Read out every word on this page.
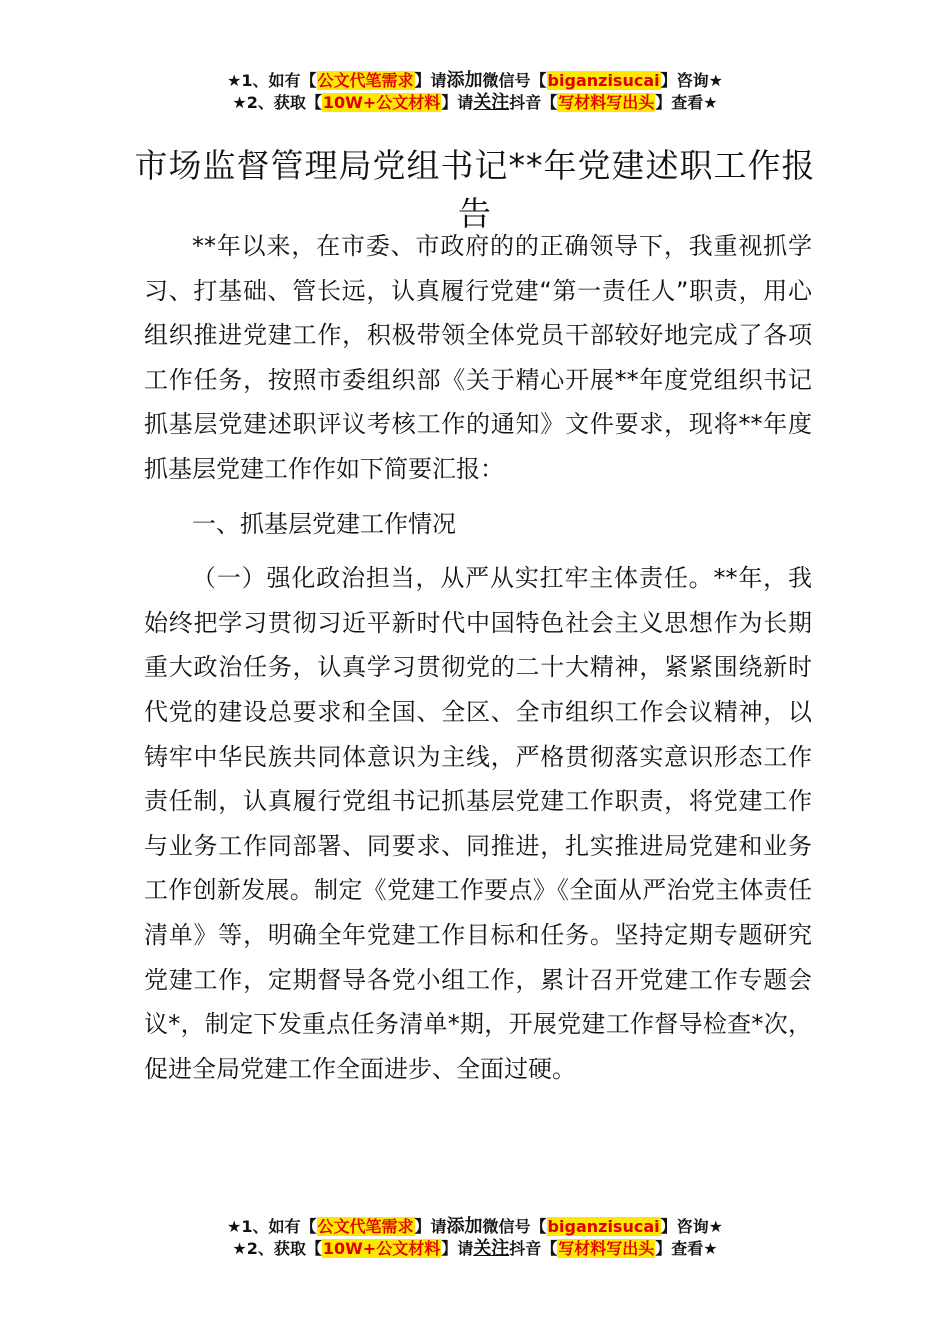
★1、如有【公文代笔需求】请添加微信号【biganzisucai】咨询★
★2、获取【10W+公文材料】请关注抖音【写材料写出头】查看★
市场监督管理局党组书记**年党建述职工作报告

**年以来，在市委、市政府的的正确领导下，我重视抓学习、打基础、管长远，认真履行党建“第一责任人”职责，用心组织推进党建工作，积极带领全体党员干部较好地完成了各项工作任务，按照市委组织部《关于精心开展**年度党组织书记抓基层党建述职评议考核工作的通知》文件要求，现将**年度抓基层党建工作作如下简要汇报：

一、抓基层党建工作情况

（一）强化政治担当，从严从实扛牢主体责任。**年，我始终把学习贯彻习近平新时代中国特色社会主义思想作为长期重大政治任务，认真学习贯彻党的二十大精神，紧紧围绕新时代党的建设总要求和全国、全区、全市组织工作会议精神，以铸牢中华民族共同体意识为主线，严格贯彻落实意识形态工作责任制，认真履行党组书记抓基层党建工作职责，将党建工作与业务工作同部署、同要求、同推进，扎实推进局党建和业务工作创新发展。制定《党建工作要点》《全面从严治党主体责任清单》等，明确全年党建工作目标和任务。坚持定期专题研究党建工作，定期督导各党小组工作，累计召开党建工作专题会议*，制定下发重点任务清单*期，开展党建工作督导检查*次，促进全局党建工作全面进步、全面过硬。

★1、如有【公文代笔需求】请添加微信号【biganzisucai】咨询★
★2、获取【10W+公文材料】请关注抖音【写材料写出头】查看★
